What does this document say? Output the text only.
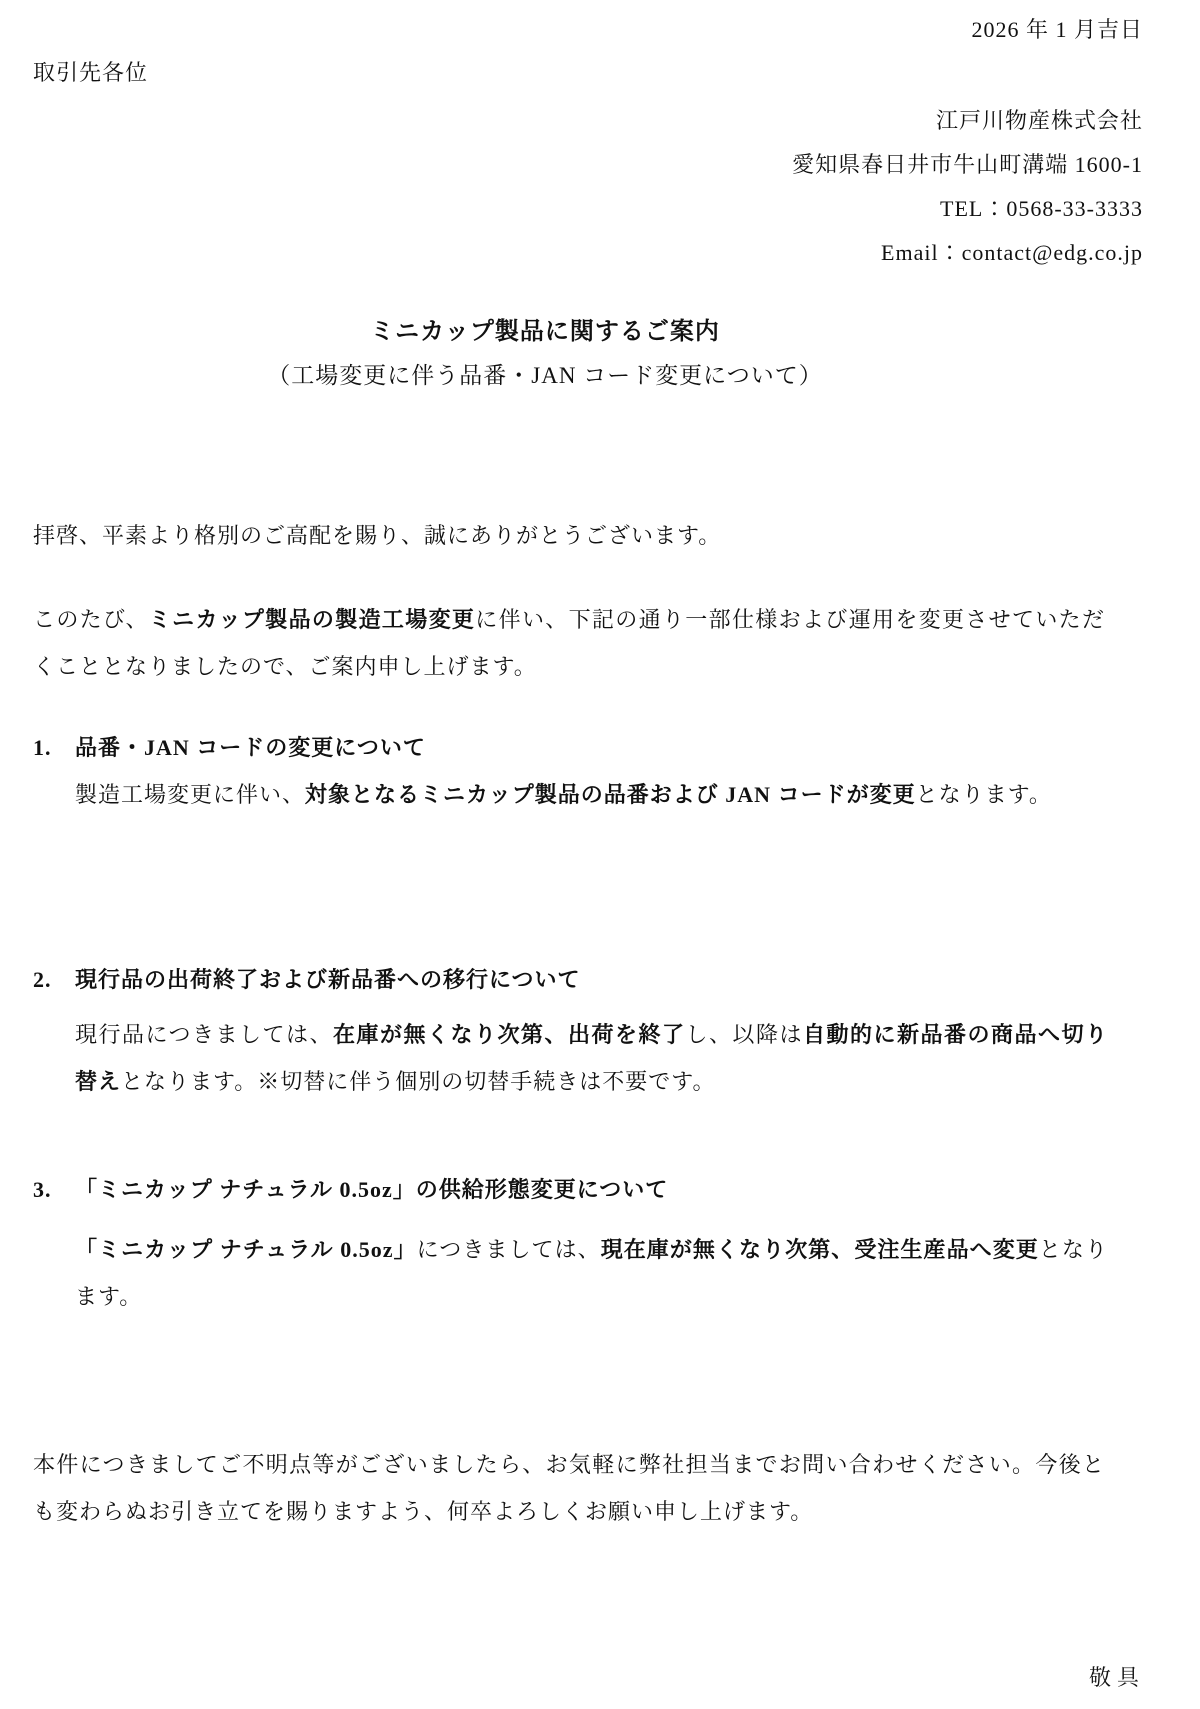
2026 年 1 月吉日
取引先各位
江戸川物産株式会社
愛知県春日井市牛山町溝端 1600-1
TEL：0568-33-3333
Email：contact@edg.co.jp
ミニカップ製品に関するご案内
（工場変更に伴う品番・JAN コード変更について）
拝啓、平素より格別のご高配を賜り、誠にありがとうございます。
このたび、ミニカップ製品の製造工場変更に伴い、下記の通り一部仕様および運用を変更させていただくこととなりましたので、ご案内申し上げます。
1.	品番・JAN コードの変更について
製造工場変更に伴い、対象となるミニカップ製品の品番および JAN コードが変更となります。
2.	現行品の出荷終了および新品番への移行について
現行品につきましては、在庫が無くなり次第、出荷を終了し、以降は自動的に新品番の商品へ切り替えとなります。※切替に伴う個別の切替手続きは不要です。
3.	「ミニカップ ナチュラル 0.5oz」の供給形態変更について
「ミニカップ ナチュラル 0.5oz」につきましては、現在庫が無くなり次第、受注生産品へ変更となります。
本件につきましてご不明点等がございましたら、お気軽に弊社担当までお問い合わせください。今後とも変わらぬお引き立てを賜りますよう、何卒よろしくお願い申し上げます。
敬具
